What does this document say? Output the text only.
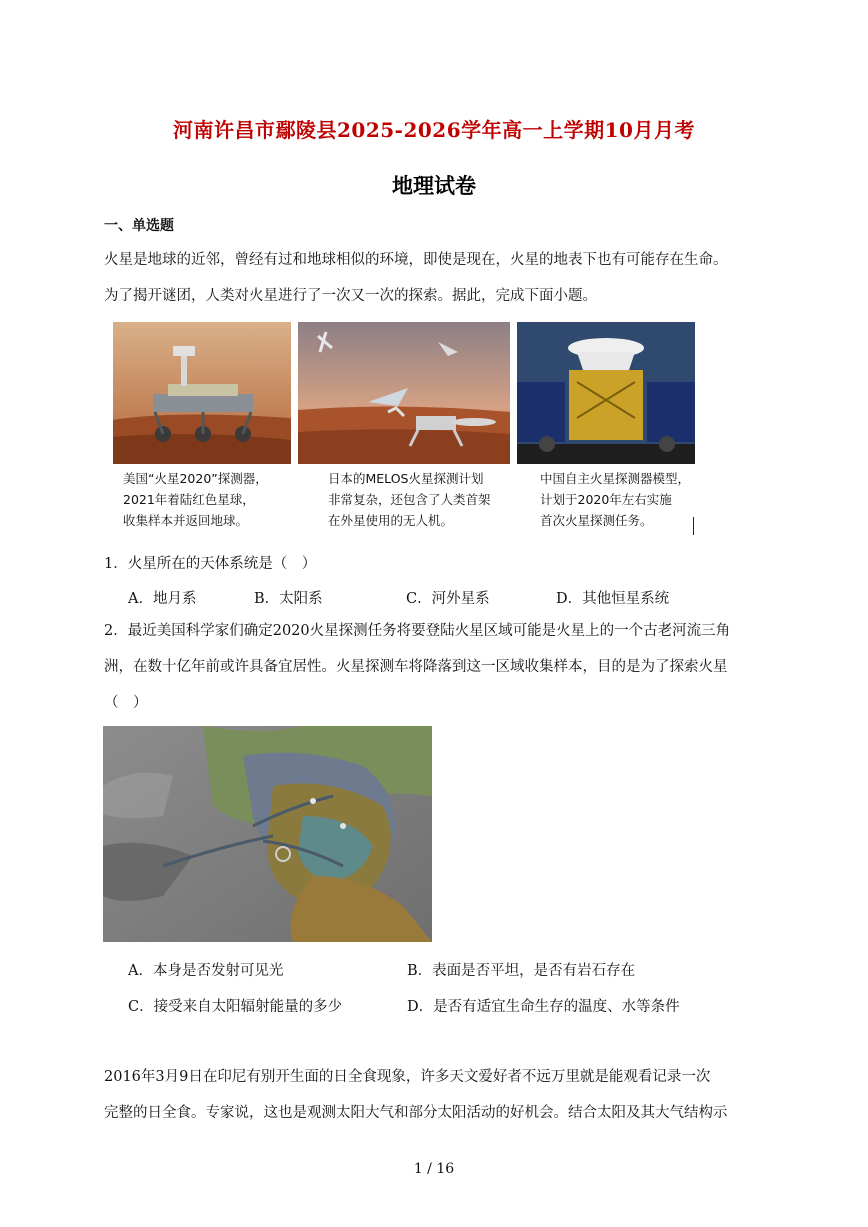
河南许昌市鄢陵县2025-2026学年高一上学期10月月考
地理试卷
一、单选题
火星是地球的近邻，曾经有过和地球相似的环境，即使是现在，火星的地表下也有可能存在生命。
为了揭开谜团，人类对火星进行了一次又一次的探索。据此，完成下面小题。
美国“火星2020”探测器，
2021年着陆红色星球，
收集样本并返回地球。
日本的MELOS火星探测计划
非常复杂，还包含了人类首架
在外星使用的无人机。
中国自主火星探测器模型，
计划于2020年左右实施
首次火星探测任务。
1．火星所在的天体系统是（　）
A．地月系	B．太阳系	C．河外星系	D．其他恒星系统
2．最近美国科学家们确定2020火星探测任务将要登陆火星区域可能是火星上的一个古老河流三角
洲，在数十亿年前或许具备宜居性。火星探测车将降落到这一区域收集样本，目的是为了探索火星
（　）
A．本身是否发射可见光	B．表面是否平坦，是否有岩石存在
C．接受来自太阳辐射能量的多少	D．是否有适宜生命生存的温度、水等条件
2016年3月9日在印尼有别开生面的日全食现象，许多天文爱好者不远万里就是能观看记录一次
完整的日全食。专家说，这也是观测太阳大气和部分太阳活动的好机会。结合太阳及其大气结构示
1 / 16
